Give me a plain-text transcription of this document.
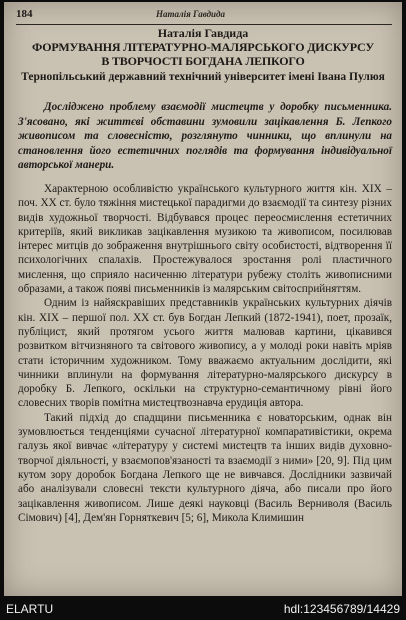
184	Наталія Гавдида
Наталія Гавдида
ФОРМУВАННЯ ЛІТЕРАТУРНО-МАЛЯРСЬКОГО ДИСКУРСУ
В ТВОРЧОСТІ БОГДАНА ЛЕПКОГО
Тернопільський державний технічний університет імені Івана Пулюя
Досліджено проблему взаємодії мистецтв у доробку письменника. З'ясовано, які життєві обставини зумовили зацікавлення Б. Лепкого живописом та словесністю, розглянуто чинники, що вплинули на становлення його естетичних поглядів та формування індивідуальної авторської манери.

Характерною особливістю українського культурного життя кін. ХІХ – поч. ХХ ст. було тяжіння мистецької парадигми до взаємодії та синтезу різних видів художньої творчості. Відбувався процес переосмислення естетичних критеріїв, який викликав зацікавлення музикою та живописом, посилював інтерес митців до зображення внутрішнього світу особистості, відтворення її психологічних спалахів. Простежувалося зростання ролі пластичного мислення, що сприяло насиченню літератури рубежу століть живописними образами, а також появі письменників із малярським світосприйняттям.

Одним із найяскравіших представників українських культурних діячів кін. ХІХ – першої пол. ХХ ст. був Богдан Лепкий (1872-1941), поет, прозаїк, публіцист, який протягом усього життя малював картини, цікавився розвитком вітчизняного та світового живопису, а у молоді роки навіть мріяв стати історичним художником. Тому вважаємо актуальним дослідити, які чинники вплинули на формування літературно-малярського дискурсу в доробку Б. Лепкого, оскільки на структурно-семантичному рівні його словесних творів помітна мистецтвознавча ерудиція автора.

Такий підхід до спадщини письменника є новаторським, однак він зумовлюється тенденціями сучасної літературної компаративістики, окрема галузь якої вивчає «літературу у системі мистецтв та інших видів духовно-творчої діяльності, у взаємопов'язаності та взаємодії з ними» [20, 9]. Під цим кутом зору доробок Богдана Лепкого ще не вивчався. Дослідники зазвичай або аналізували словесні тексти культурного діяча, або писали про його зацікавлення живописом. Лише деякі науковці (Василь Верниволя (Василь Сімович) [4], Дем'ян Горняткевич [5; 6], Микола Климишин

ELARTU	hdl:123456789/14429
